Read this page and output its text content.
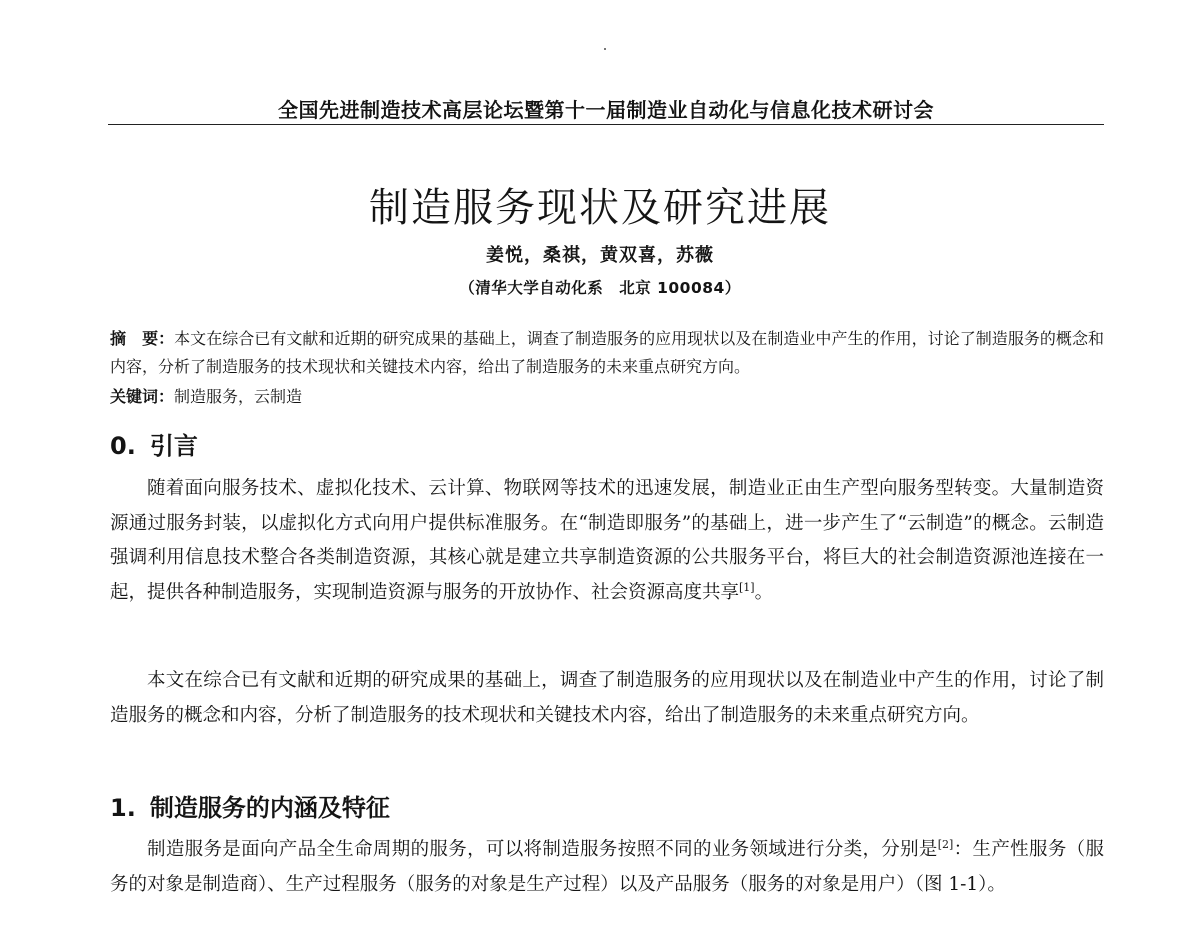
全国先进制造技术高层论坛暨第十一届制造业自动化与信息化技术研讨会
制造服务现状及研究进展
姜悦，桑祺，黄双喜，苏薇
（清华大学自动化系　北京 100084）
摘　要：本文在综合已有文献和近期的研究成果的基础上，调查了制造服务的应用现状以及在制造业中产生的作用，讨论了制造服务的概念和内容，分析了制造服务的技术现状和关键技术内容，给出了制造服务的未来重点研究方向。
关键词：制造服务，云制造
0. 引言
随着面向服务技术、虚拟化技术、云计算、物联网等技术的迅速发展，制造业正由生产型向服务型转变。大量制造资源通过服务封装，以虚拟化方式向用户提供标准服务。在“制造即服务”的基础上，进一步产生了“云制造”的概念。云制造强调利用信息技术整合各类制造资源，其核心就是建立共享制造资源的公共服务平台，将巨大的社会制造资源池连接在一起，提供各种制造服务，实现制造资源与服务的开放协作、社会资源高度共享[1]。
本文在综合已有文献和近期的研究成果的基础上，调查了制造服务的应用现状以及在制造业中产生的作用，讨论了制造服务的概念和内容，分析了制造服务的技术现状和关键技术内容，给出了制造服务的未来重点研究方向。
1. 制造服务的内涵及特征
制造服务是面向产品全生命周期的服务，可以将制造服务按照不同的业务领域进行分类，分别是[2]：生产性服务（服务的对象是制造商）、生产过程服务（服务的对象是生产过程）以及产品服务（服务的对象是用户）（图 1-1）。
